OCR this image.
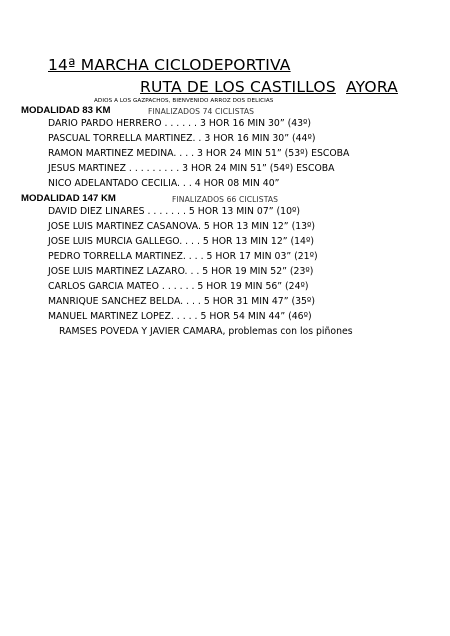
14ª MARCHA CICLODEPORTIVA
RUTA DE LOS CASTILLOS AYORA
ADIOS A LOS GAZPACHOS, BIENVENIDO ARROZ DOS DELICIAS
MODALIDAD 83 KM	FINALIZADOS 74 CICLISTAS
DARIO PARDO HERRERO . . . . . . 3 HOR 16 MIN 30” (43º)
PASCUAL TORRELLA MARTINEZ. . 3 HOR 16 MIN 30” (44º)
RAMON MARTINEZ MEDINA. . . . 3 HOR 24 MIN 51” (53º) ESCOBA
JESUS MARTINEZ . . . . . . . . . 3 HOR 24 MIN 51” (54º) ESCOBA
NICO ADELANTADO CECILIA. . . 4 HOR 08 MIN 40”
MODALIDAD 147 KM	FINALIZADOS 66 CICLISTAS
DAVID DIEZ LINARES . . . . . . . 5 HOR 13 MIN 07” (10º)
JOSE LUIS MARTINEZ CASANOVA. 5 HOR 13 MIN 12” (13º)
JOSE LUIS MURCIA GALLEGO. . . . 5 HOR 13 MIN 12” (14º)
PEDRO TORRELLA MARTINEZ. . . . 5 HOR 17 MIN 03” (21º)
JOSE LUIS MARTINEZ LAZARO. . . 5 HOR 19 MIN 52” (23º)
CARLOS GARCIA MATEO . . . . . . 5 HOR 19 MIN 56” (24º)
MANRIQUE SANCHEZ BELDA. . . . 5 HOR 31 MIN 47” (35º)
MANUEL MARTINEZ LOPEZ. . . . . 5 HOR 54 MIN 44” (46º)
RAMSES POVEDA Y JAVIER CAMARA, problemas con los piñones
